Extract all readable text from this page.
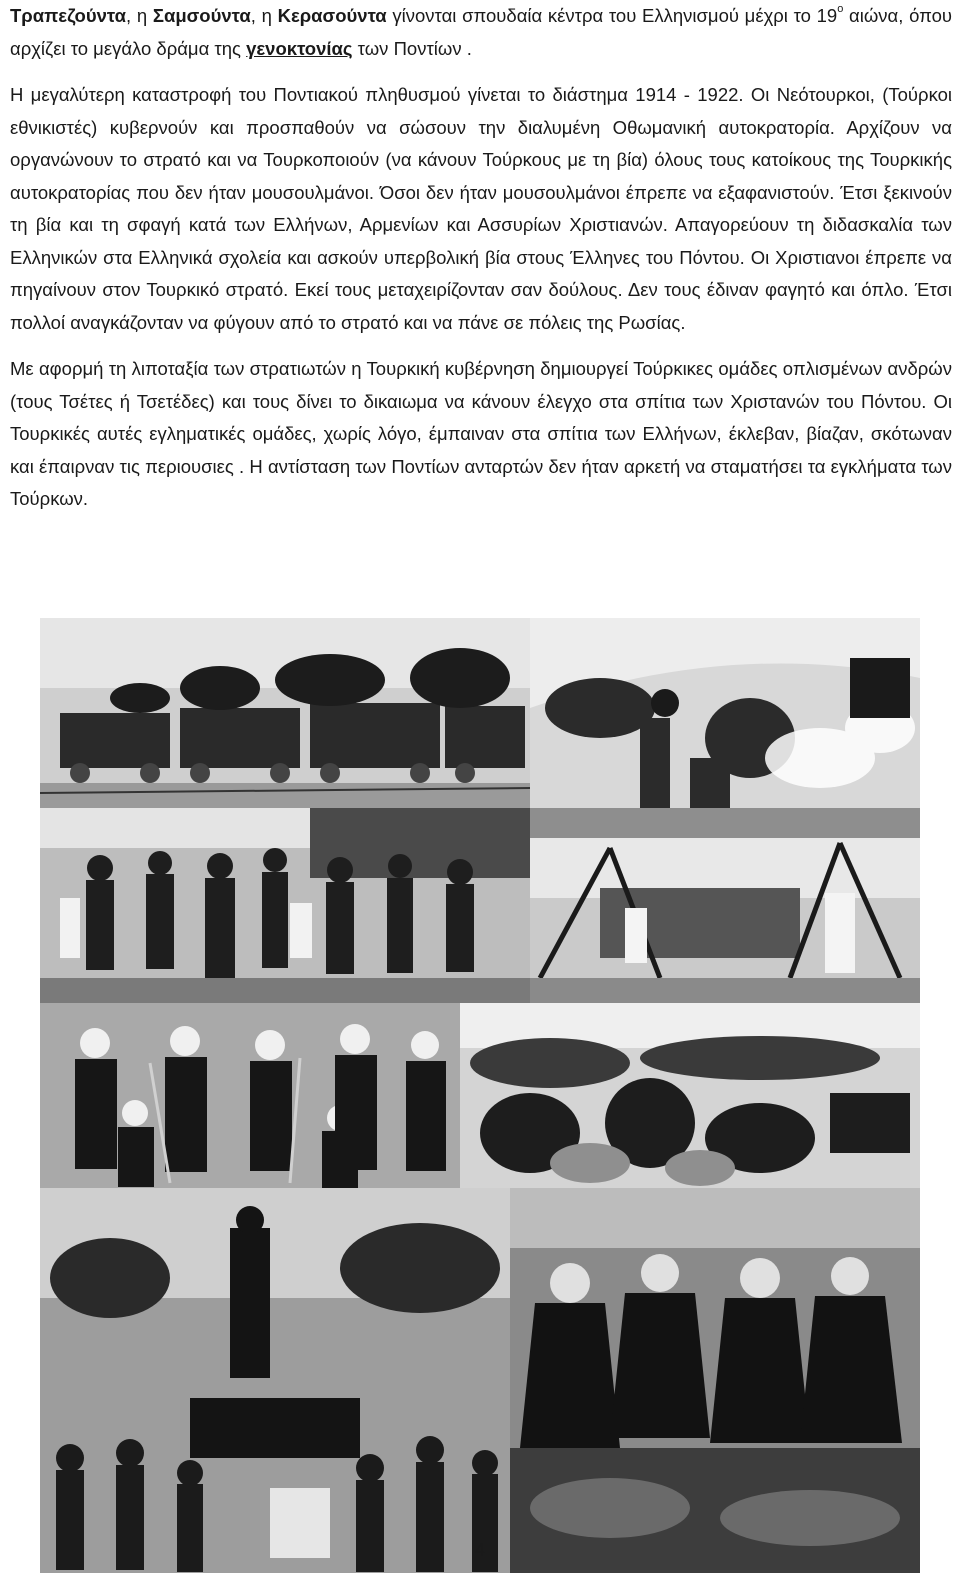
Τραπεζούντα, η Σαμσούντα, η Κερασούντα γίνονται σπουδαία κέντρα του Ελληνισμού μέχρι το $19^o$ αιώνα, όπου αρχίζει το μεγάλο δράμα της γενοκτονίας των Ποντίων .

Η μεγαλύτερη καταστροφή του Ποντιακού πληθυσμού γίνεται το διάστημα 1914 - 1922. Οι Νεότουρκοι, (Τούρκοι εθνικιστές) κυβερνούν και προσπαθούν να σώσουν την διαλυμένη Οθωμανική αυτοκρατορία. Αρχίζουν να οργανώνουν το στρατό και να Τουρκοποιούν (να κάνουν Τούρκους με τη βία) όλους τους κατοίκους της Τουρκικής αυτοκρατορίας που δεν ήταν μουσουλμάνοι. Όσοι δεν ήταν μουσουλμάνοι έπρεπε να εξαφανιστούν. Έτσι ξεκινούν τη βία και τη σφαγή κατά των Ελλήνων, Αρμενίων και Ασσυρίων Χριστιανών. Απαγορεύουν τη διδασκαλία των Ελληνικών στα Ελληνικά σχολεία και ασκούν υπερβολική βία στους Έλληνες του Πόντου. Οι Χριστιανοι έπρεπε να πηγαίνουν στον Τουρκικό στρατό. Εκεί τους μεταχειρίζονταν σαν δούλους. Δεν τους έδιναν φαγητό και όπλο. Έτσι πολλοί αναγκάζονταν να φύγουν από το στρατό και να πάνε σε πόλεις της Ρωσίας.

Με αφορμή τη λιποταξία των στρατιωτών η Τουρκική κυβέρνηση δημιουργεί Τούρκικες ομάδες οπλισμένων ανδρών (τους Τσέτες ή Τσετέδες) και τους δίνει το δικαιωμα να κάνουν έλεγχο στα σπίτια των Χριστανών του Πόντου. Οι Τουρκικές αυτές εγληματικές ομάδες, χωρίς λόγο, έμπαιναν στα σπίτια των Ελλήνων, έκλεβαν, βίαζαν, σκότωναν και έπαιρναν τις περιουσιες . Η αντίσταση των Ποντίων ανταρτών δεν ήταν αρκετή να σταματήσει τα εγκλήματα των Τούρκων.

4
